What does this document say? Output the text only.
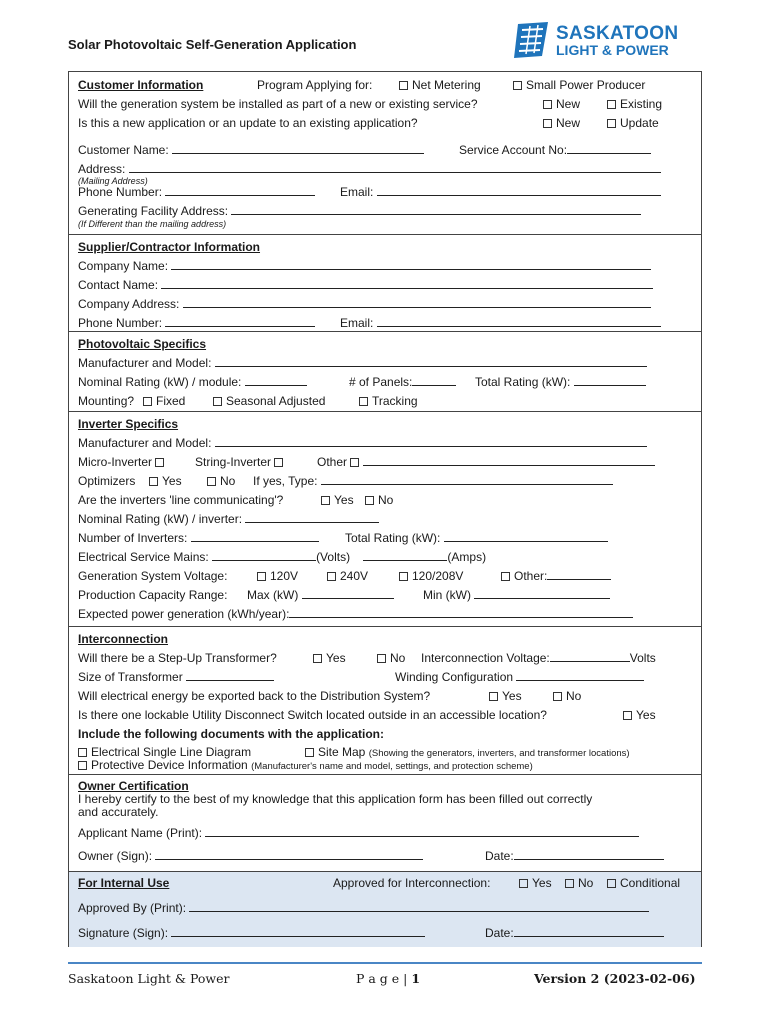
Solar Photovoltaic Self-Generation Application
SASKATOON
LIGHT & POWER
Customer Information	Program Applying for:	Net Metering	Small Power Producer
Will the generation system be installed as part of a new or existing service?	New	Existing
Is this a new application or an update to an existing application?	New	Update
Customer Name:	Service Account No:
Address:
(Mailing Address)
Phone Number:	Email:
Generating Facility Address:
(If Different than the mailing address)
Supplier/Contractor Information
Company Name:
Contact Name:
Company Address:
Phone Number:	Email:
Photovoltaic Specifics
Manufacturer and Model:
Nominal Rating (kW) / module:	# of Panels:	Total Rating (kW):
Mounting?	Fixed	Seasonal Adjusted	Tracking
Inverter Specifics
Manufacturer and Model:
Micro-Inverter	String-Inverter	Other
Optimizers	Yes	No If yes, Type:
Are the inverters 'line communicating'?	Yes	No
Nominal Rating (kW) / inverter:
Number of Inverters:	Total Rating (kW):
Electrical Service Mains:	(Volts)	(Amps)
Generation System Voltage:	120V	240V	120/208V	Other:
Production Capacity Range: Max (kW)	Min (kW)
Expected power generation (kWh/year):
Interconnection
Will there be a Step-Up Transformer?	Yes	No Interconnection Voltage:	Volts
Size of Transformer	Winding Configuration
Will electrical energy be exported back to the Distribution System?	Yes	No
Is there one lockable Utility Disconnect Switch located outside in an accessible location?	Yes
Include the following documents with the application:
Electrical Single Line Diagram	Site Map (Showing the generators, inverters, and transformer locations)
Protective Device Information (Manufacturer's name and model, settings, and protection scheme)
Owner Certification
I hereby certify to the best of my knowledge that this application form has been filled out correctly
and accurately.
Applicant Name (Print):
Owner (Sign):	Date:
For Internal Use	Approved for Interconnection:	Yes	No	Conditional
Approved By (Print):
Signature (Sign):	Date:
Saskatoon Light & Power	P a g e | 1	Version 2 (2023-02-06)
